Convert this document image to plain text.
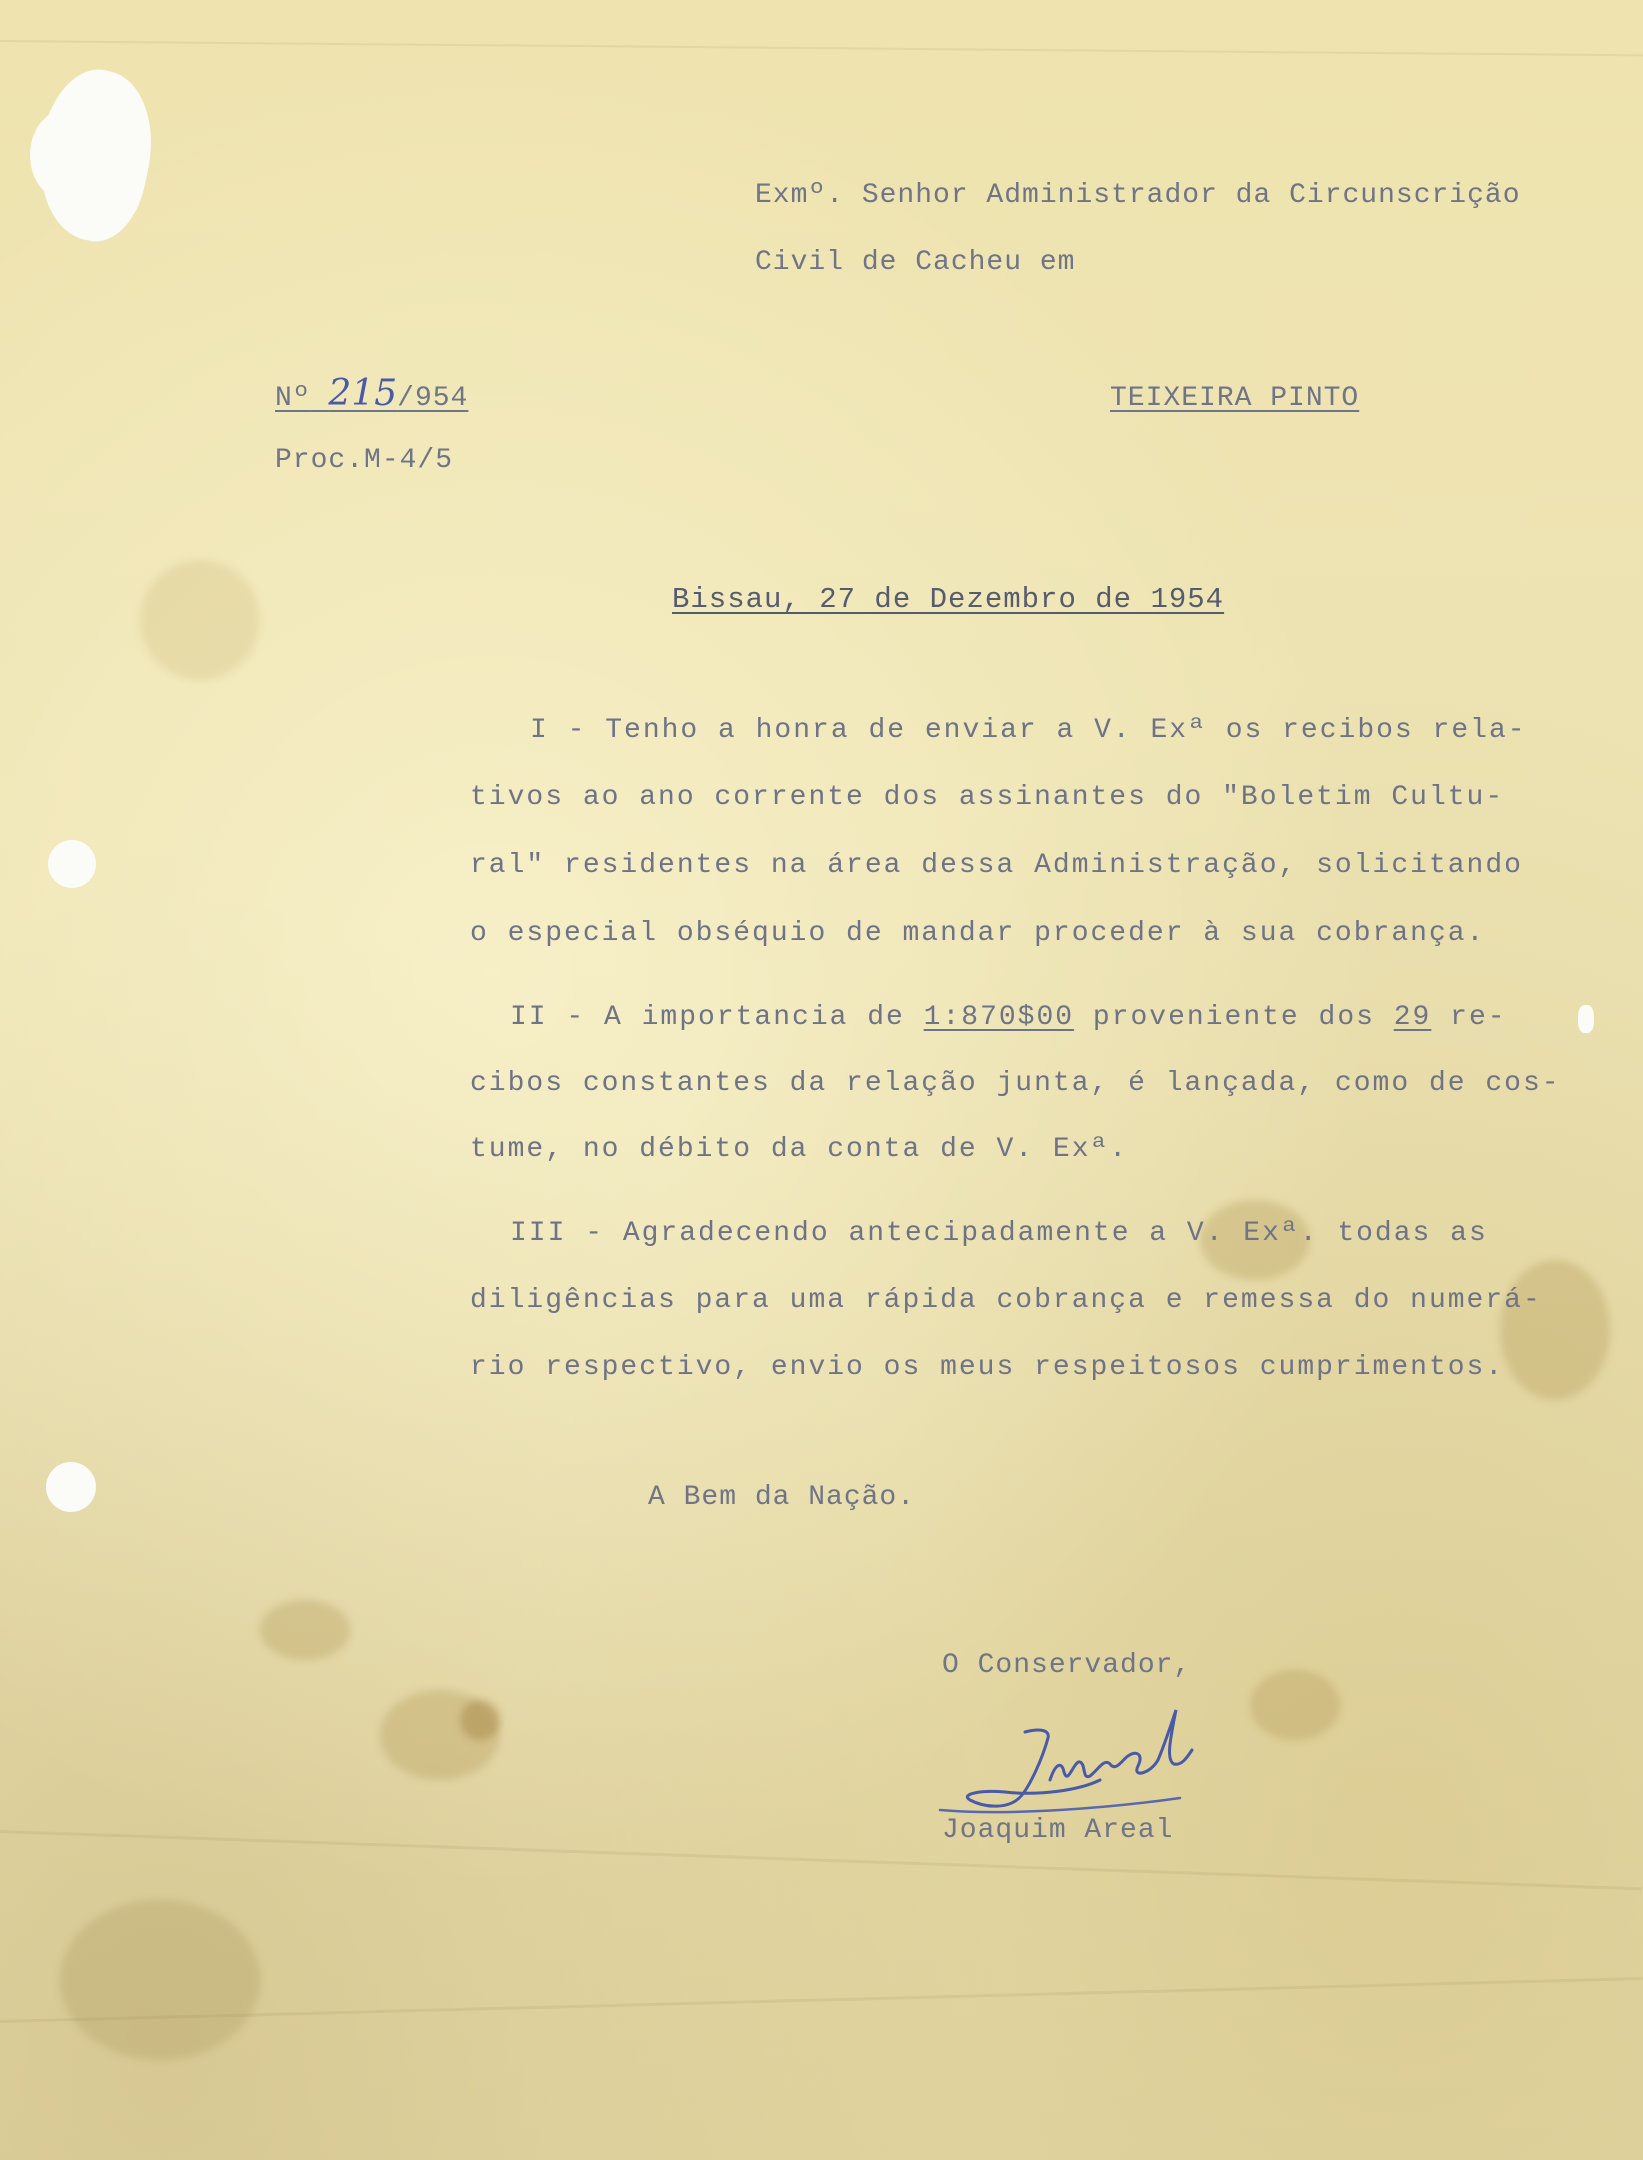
Exmº. Senhor Administrador da Circunscrição
Civil de Cacheu em
TEIXEIRA PINTO
Nº 215/954
Proc.M-4/5
Bissau, 27 de Dezembro de 1954
I - Tenho a honra de enviar a V. Exª os recibos rela-
tivos ao ano corrente dos assinantes do "Boletim Cultu-
ral" residentes na área dessa Administração, solicitando
o especial obséquio de mandar proceder à sua cobrança.
II - A importancia de 1:870$00 proveniente dos 29 re-
cibos constantes da relação junta, é lançada, como de cos-
tume, no débito da conta de V. Exª.
III - Agradecendo antecipadamente a V. Exª. todas as
diligências para uma rápida cobrança e remessa do numerá-
rio respectivo, envio os meus respeitosos cumprimentos.
A Bem da Nação.
O Conservador,
Joaquim Areal
